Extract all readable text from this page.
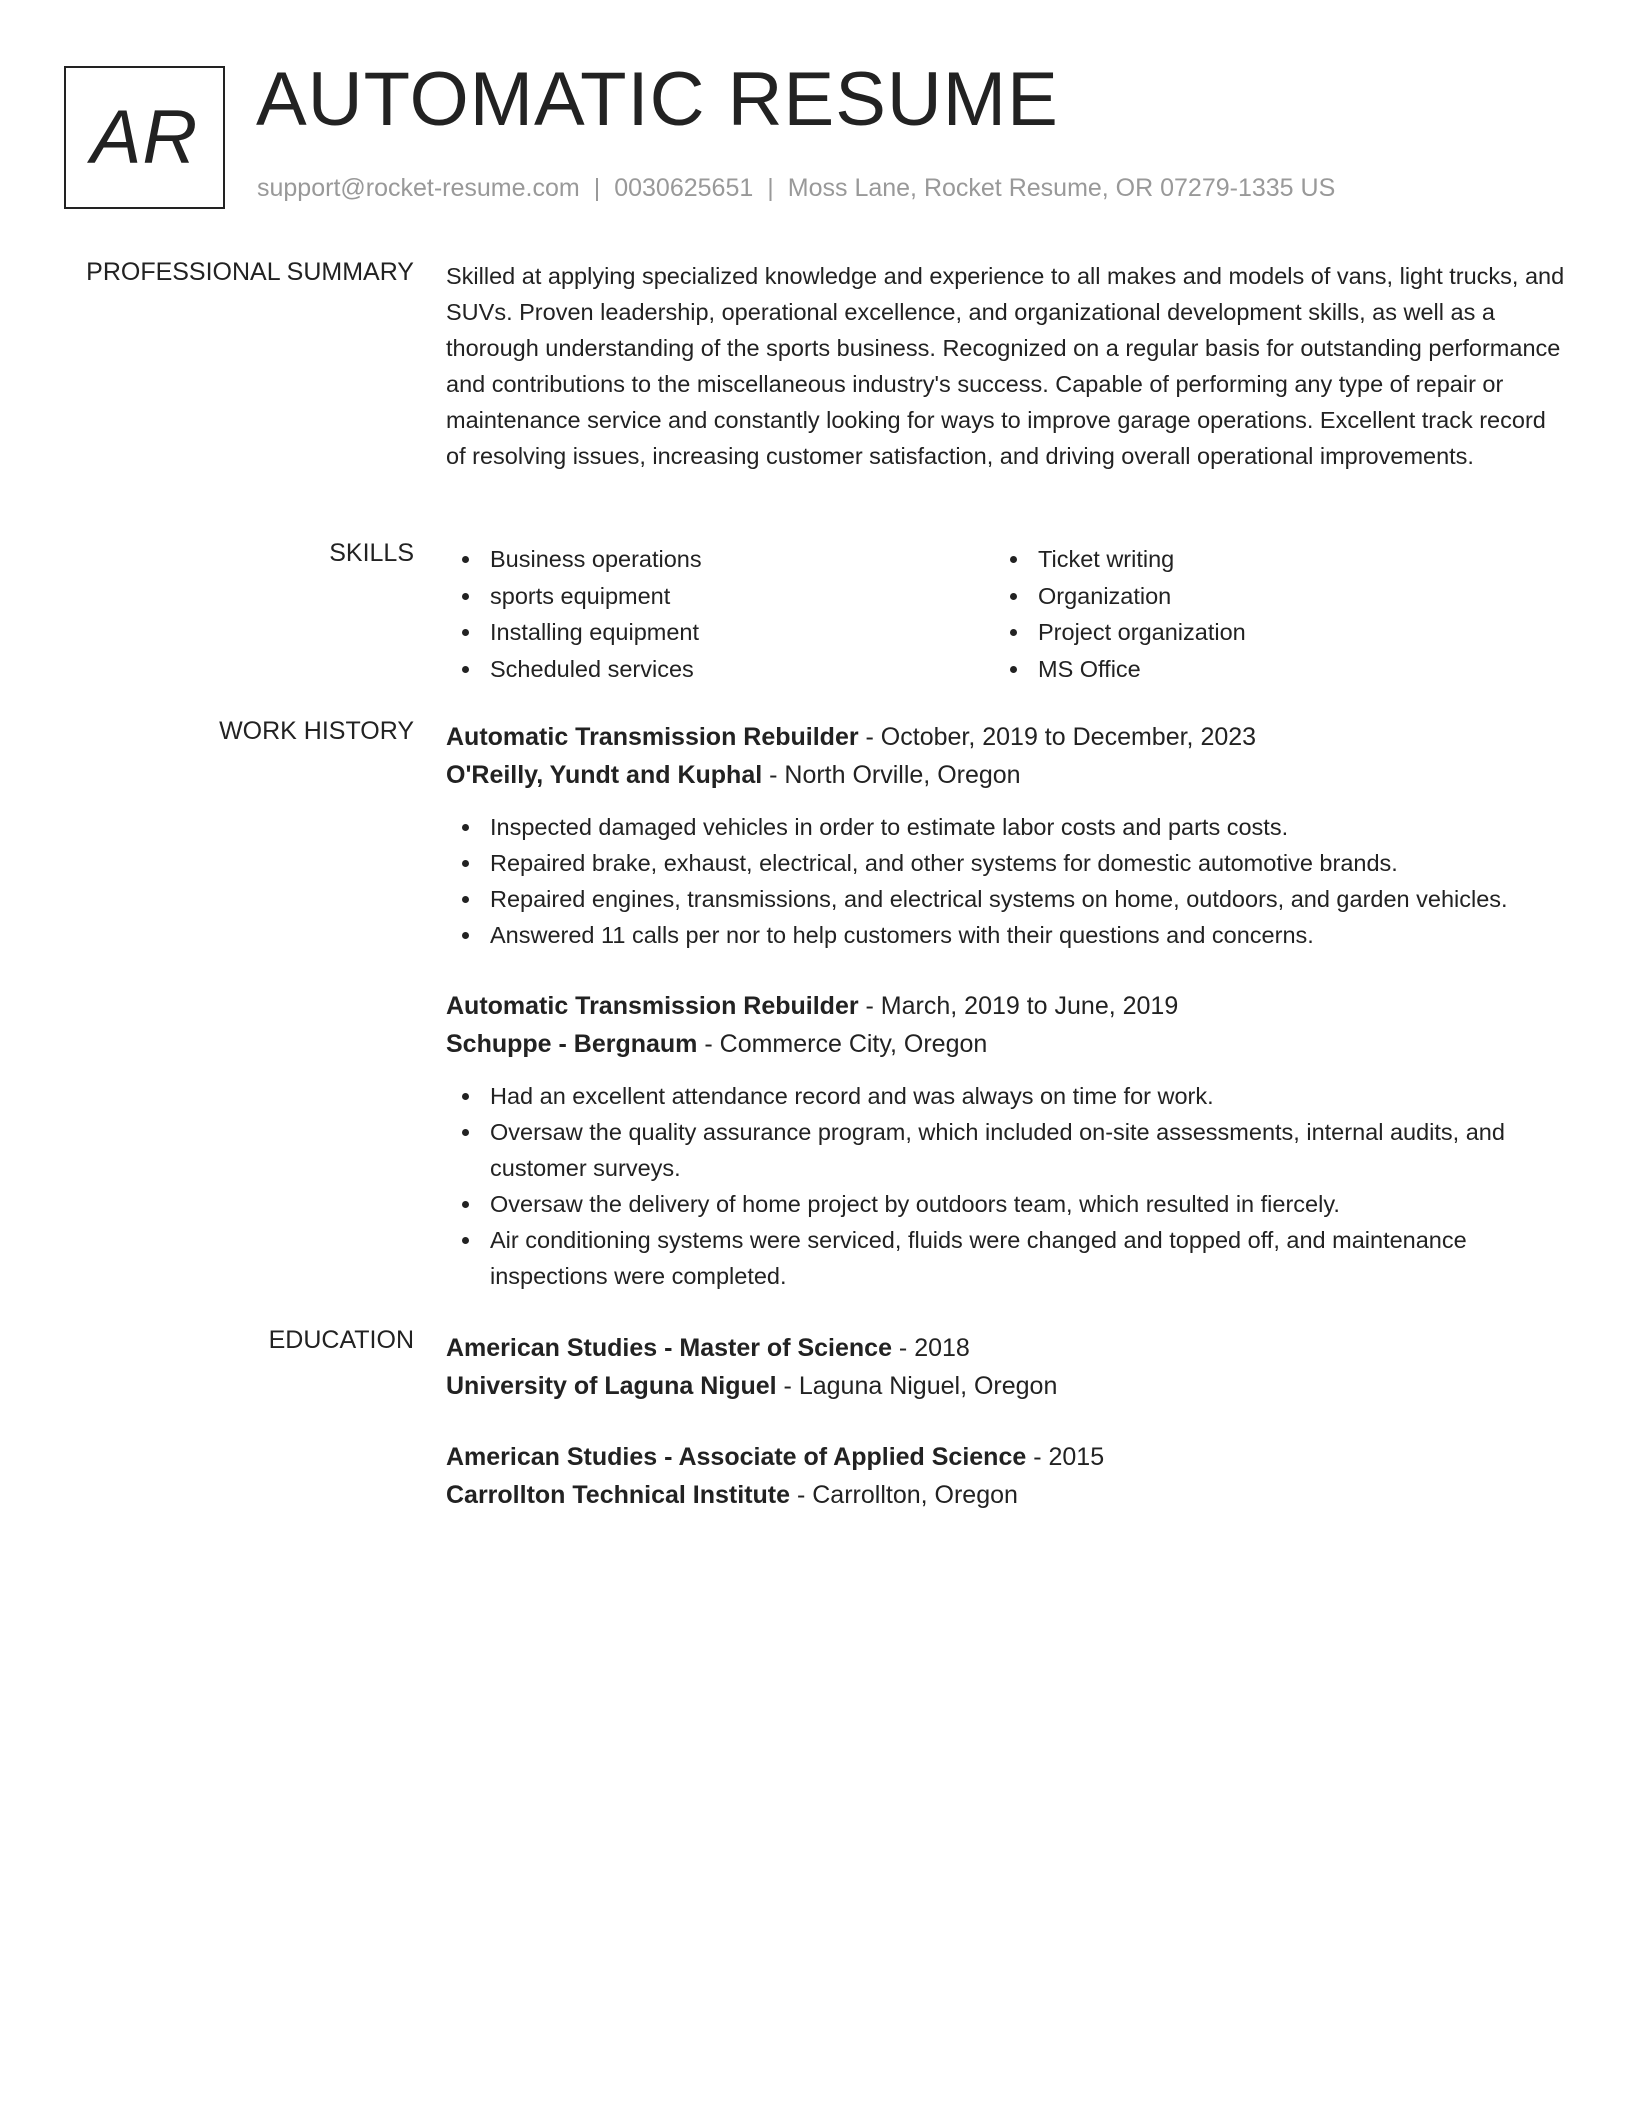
AR AUTOMATIC RESUME
support@rocket-resume.com | 0030625651 | Moss Lane, Rocket Resume, OR 07279-1335 US
PROFESSIONAL SUMMARY Skilled at applying specialized knowledge and experience to all makes and models of vans, light trucks, and SUVs. Proven leadership, operational excellence, and organizational development skills, as well as a thorough understanding of the sports business. Recognized on a regular basis for outstanding performance and contributions to the miscellaneous industry's success. Capable of performing any type of repair or maintenance service and constantly looking for ways to improve garage operations. Excellent track record of resolving issues, increasing customer satisfaction, and driving overall operational improvements.
SKILLS	Business operations
sports equipment
Installing equipment
Scheduled services
Ticket writing
Organization
Project organization
MS Office
WORK HISTORY Automatic Transmission Rebuilder - October, 2019 to December, 2023
O'Reilly, Yundt and Kuphal - North Orville, Oregon
Inspected damaged vehicles in order to estimate labor costs and parts costs.
Repaired brake, exhaust, electrical, and other systems for domestic automotive brands.
Repaired engines, transmissions, and electrical systems on home, outdoors, and garden vehicles.
Answered 11 calls per nor to help customers with their questions and concerns.
Automatic Transmission Rebuilder - March, 2019 to June, 2019
Schuppe - Bergnaum - Commerce City, Oregon
Had an excellent attendance record and was always on time for work.
Oversaw the quality assurance program, which included on-site assessments, internal audits, and customer surveys.
Oversaw the delivery of home project by outdoors team, which resulted in fiercely.
Air conditioning systems were serviced, fluids were changed and topped off, and maintenance inspections were completed.
EDUCATION American Studies - Master of Science - 2018
University of Laguna Niguel - Laguna Niguel, Oregon
American Studies - Associate of Applied Science - 2015
Carrollton Technical Institute - Carrollton, Oregon
